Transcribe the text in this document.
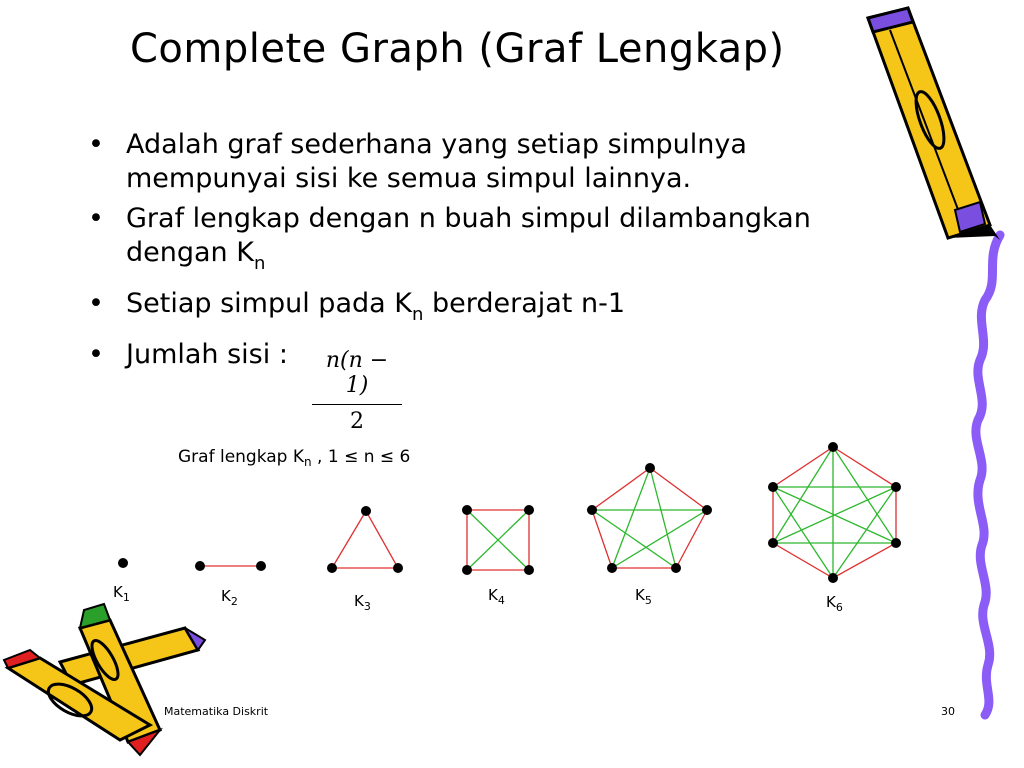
Complete Graph (Graf Lengkap)
• Adalah graf sederhana yang setiap simpulnya mempunyai sisi ke semua simpul lainnya.
• Graf lengkap dengan n buah simpul dilambangkan dengan $K_n$
• Setiap simpul pada $K_n$ berderajat n-1
• Jumlah sisi :	n(n − 1)
2
Graf lengkap $K_n$ , 1 ≤ n ≤ 6
$K_1$	$K_2$	$K_3$
$K_4$	$K_5$	$K_6$
Matematika Diskrit	30
